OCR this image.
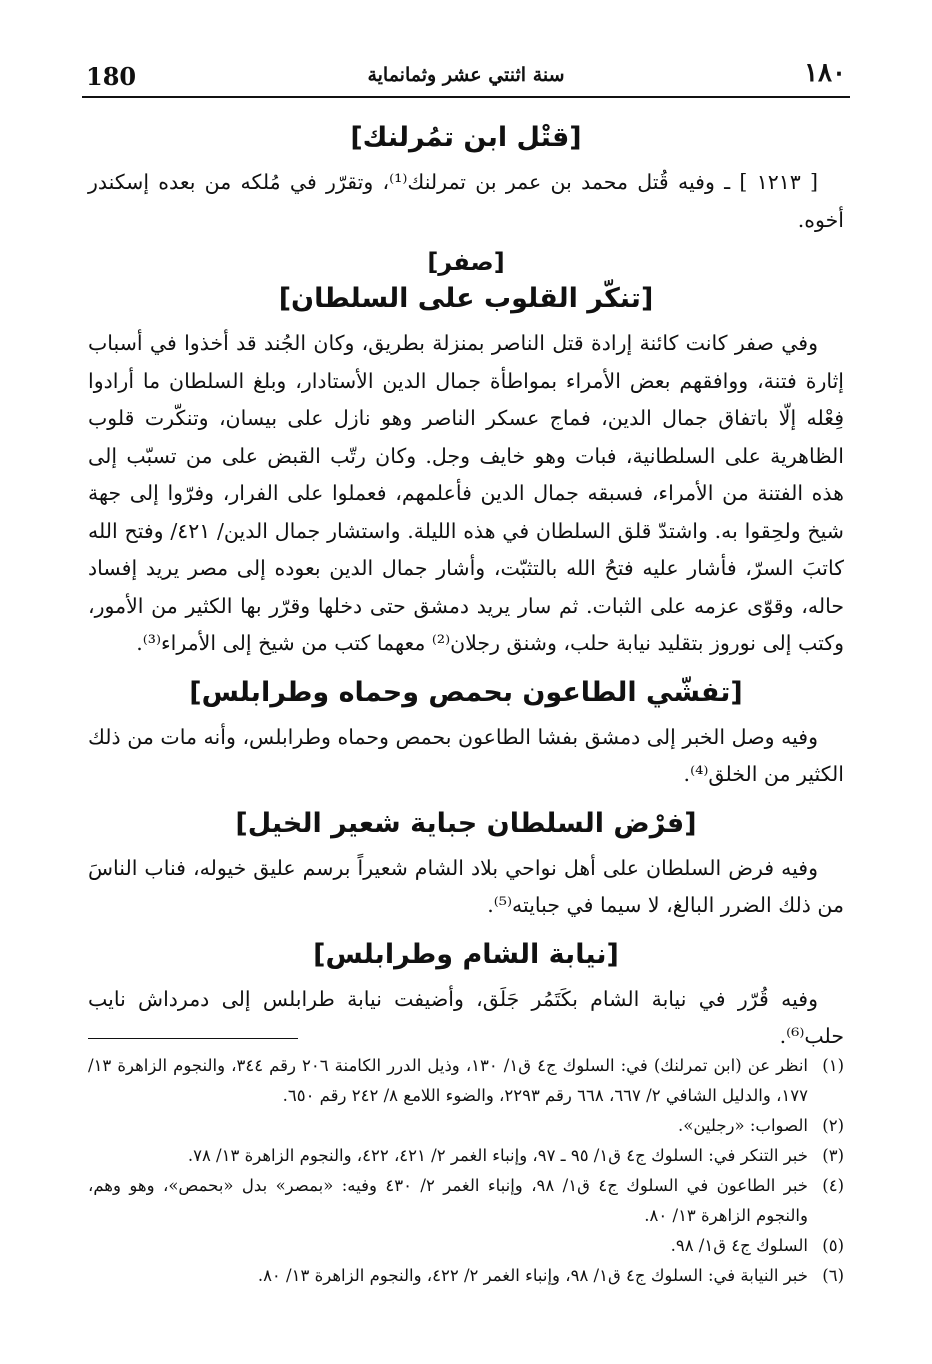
١٨٠
سنة اثنتي عشر وثمانماية
180
[قتْل ابن تمُرلنك]

[ ١٢١٣ ] ـ وفيه قُتل محمد بن عمر بن تمرلنك⁽¹⁾، وتقرّر في مُلكه من بعده إسكندر أخوه.

[صفر]
[تنكّر القلوب على السلطان]

وفي صفر كانت كائنة إرادة قتل الناصر بمنزلة بطريق، وكان الجُند قد أخذوا في أسباب إثارة فتنة، ووافقهم بعض الأمراء بمواطأة جمال الدين الأستادار، وبلغ السلطان ما أرادوا فِعْله إلّا باتفاق جمال الدين، فماج عسكر الناصر وهو نازل على بيسان، وتنكّرت قلوب الظاهرية على السلطانية، فبات وهو خايف وجل. وكان رتّب القبض على من تسبّب إلى هذه الفتنة من الأمراء، فسبقه جمال الدين فأعلمهم، فعملوا على الفرار، وفرّوا إلى جهة شيخ ولحِقوا به. واشتدّ قلق السلطان في هذه الليلة. واستشار جمال الدين/ ٤٢١/ وفتح الله كاتبَ السرّ، فأشار عليه فتحُ الله بالتثبّت، وأشار جمال الدين بعوده إلى مصر يريد إفساد حاله، وقوّى عزمه على الثبات. ثم سار يريد دمشق حتى دخلها وقرّر بها الكثير من الأمور، وكتب إلى نوروز بتقليد نيابة حلب، وشنق رجلان⁽²⁾ معهما كتب من شيخ إلى الأمراء⁽³⁾.

[تفشّي الطاعون بحمص وحماه وطرابلس]

وفيه وصل الخبر إلى دمشق بفشا الطاعون بحمص وحماه وطرابلس، وأنه مات من ذلك الكثير من الخلق⁽⁴⁾.

[فرْض السلطان جباية شعير الخيل]

وفيه فرض السلطان على أهل نواحي بلاد الشام شعيراً برسم عليق خيوله، فناب الناسَ من ذلك الضرر البالغ، لا سيما في جبايته⁽⁵⁾.

[نيابة الشام وطرابلس]

وفيه قُرّر في نيابة الشام بكَتَمُر جَلَق، وأضيفت نيابة طرابلس إلى دمرداش نايب حلب⁽⁶⁾.

(١)
انظر عن (ابن تمرلنك) في: السلوك ج٤ ق١/ ١٣٠، وذيل الدرر الكامنة ٢٠٦ رقم ٣٤٤، والنجوم الزاهرة ١٣/ ١٧٧، والدليل الشافي ٢/ ٦٦٧، ٦٦٨ رقم ٢٢٩٣، والضوء اللامع ٨/ ٢٤٢ رقم ٦٥٠.
(٢)
الصواب: «رجلين».
(٣)
خبر التنكر في: السلوك ج٤ ق١/ ٩٥ ـ ٩٧، وإنباء الغمر ٢/ ٤٢١، ٤٢٢، والنجوم الزاهرة ١٣/ ٧٨.
(٤)
خبر الطاعون في السلوك ج٤ ق١/ ٩٨، وإنباء الغمر ٢/ ٤٣٠ وفيه: «بمصر» بدل «بحمص»، وهو وهم، والنجوم الزاهرة ١٣/ ٨٠.
(٥)
السلوك ج٤ ق١/ ٩٨.
(٦)
خبر النيابة في: السلوك ج٤ ق١/ ٩٨، وإنباء الغمر ٢/ ٤٢٢، والنجوم الزاهرة ١٣/ ٨٠.
